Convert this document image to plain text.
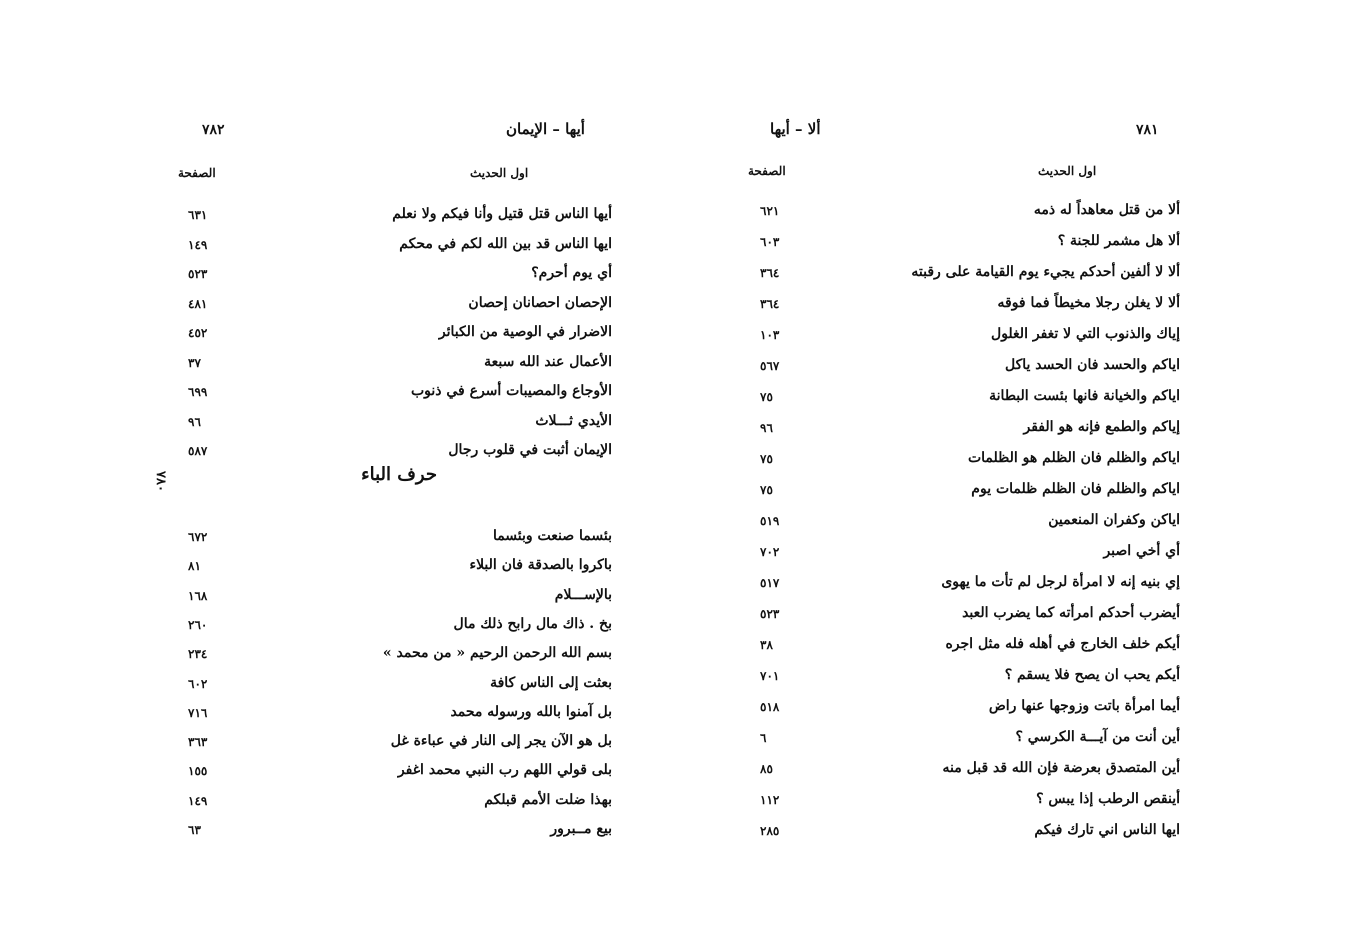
٧٨١
ألا – أيها
اول الحديث
الصفحة
ألا من قتل معاهداً له ذمه
٦٢١
ألا هل مشمر للجنة ؟
٦٠٣
ألا لا ألفين أحدكم يجيء يوم القيامة على رقبته
٣٦٤
ألا لا يغلن رجلا مخيطاً فما فوقه
٣٦٤
إياك والذنوب التي لا تغفر الغلول
١٠٣
اياكم والحسد فان الحسد ياكل
٥٦٧
اياكم والخيانة فانها بئست البطانة
٧٥
إياكم والطمع فإنه هو الفقر
٩٦
اياكم والظلم فان الظلم هو الظلمات
٧٥
اياكم والظلم فان الظلم ظلمات يوم
٧٥
اياكن وكفران المنعمين
٥١٩
أي أخي اصبر
٧٠٢
إي بنيه إنه لا امرأة لرجل لم تأت ما يهوى
٥١٧
أيضرب أحدكم امرأته كما يضرب العبد
٥٢٣
أيكم خلف الخارج في أهله فله مثل اجره
٣٨
أيكم يحب ان يصح فلا يسقم ؟
٧٠١
أيما امرأة باتت وزوجها عنها راض
٥١٨
أين أنت من آيـــة الكرسي ؟
٦
أين المتصدق بعرضة فإن الله قد قبل منه
٨٥
أينقص الرطب إذا يبس ؟
١١٢
ايها الناس اني تارك فيكم
٢٨٥
٧٨٢	أيها – الإيمان
اول الحديث
الصفحة
أيها الناس قتل قتيل وأنا فيكم ولا نعلم
٦٣١
ايها الناس قد بين الله لكم في محكم
١٤٩
أي يوم أحرم؟
٥٢٣
الإحصان احصانان إحصان
٤٨١
الاضرار في الوصية من الكبائر
٤٥٢
الأعمال عند الله سبعة
٣٧
الأوجاع والمصيبات أسرع في ذنوب
٦٩٩
الأيدي ثـــلاث
٩٦
الإيمان أثبت في قلوب رجال
٥٨٧
حرف الباء
بئسما صنعت وبئسما
٦٧٢
باكروا بالصدقة فان البلاء
٨١
بالإســـلام
١٦٨
بخ . ذاك مال رابح ذلك مال
٢٦٠
بسم الله الرحمن الرحيم « من محمد »
٢٣٤
بعثت إلى الناس كافة
٦٠٢
بل آمنوا بالله ورسوله محمد
٧١٦
بل هو الآن يجر إلى النار في عباءة غل
٣٦٣
بلى قولي اللهم رب النبي محمد اغفر
١٥٥
بهذا ضلت الأمم قبلكم
١٤٩
بيع مــبرور
٦٣
٧٨٠
